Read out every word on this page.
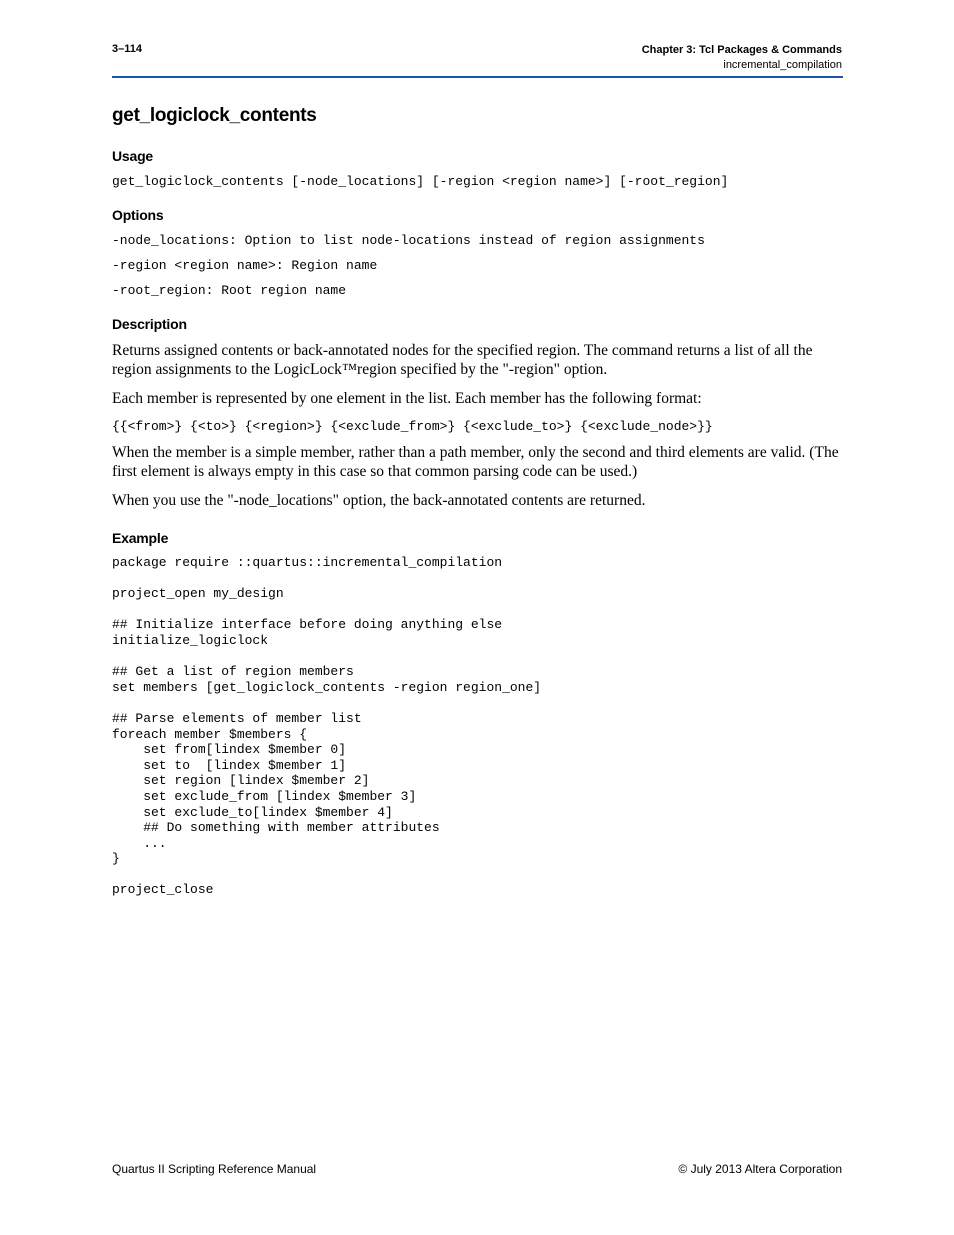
3–114	Chapter 3: Tcl Packages & Commands
incremental_compilation
get_logiclock_contents
Usage
get_logiclock_contents [-node_locations] [-region <region name>] [-root_region]
Options
-node_locations: Option to list node-locations instead of region assignments
-region <region name>: Region name
-root_region: Root region name
Description

Returns assigned contents or back-annotated nodes for the specified region. The command returns a list of all the region assignments to the LogicLock™region specified by the "-region" option.

Each member is represented by one element in the list. Each member has the following format:

{{<from>} {<to>} {<region>} {<exclude_from>} {<exclude_to>} {<exclude_node>}}

When the member is a simple member, rather than a path member, only the second and third elements are valid. (The first element is always empty in this case so that common parsing code can be used.)

When you use the "-node_locations" option, the back-annotated contents are returned.

Example
package require ::quartus::incremental_compilation

project_open my_design

## Initialize interface before doing anything else
initialize_logiclock

## Get a list of region members
set members [get_logiclock_contents -region region_one]

## Parse elements of member list
foreach member $members {
set from[lindex $member 0]
set to  [lindex $member 1]
set region [lindex $member 2]
set exclude_from [lindex $member 3]
set exclude_to[lindex $member 4]
## Do something with member attributes
...
}

project_close
Quartus II Scripting Reference Manual	© July 2013 Altera Corporation
